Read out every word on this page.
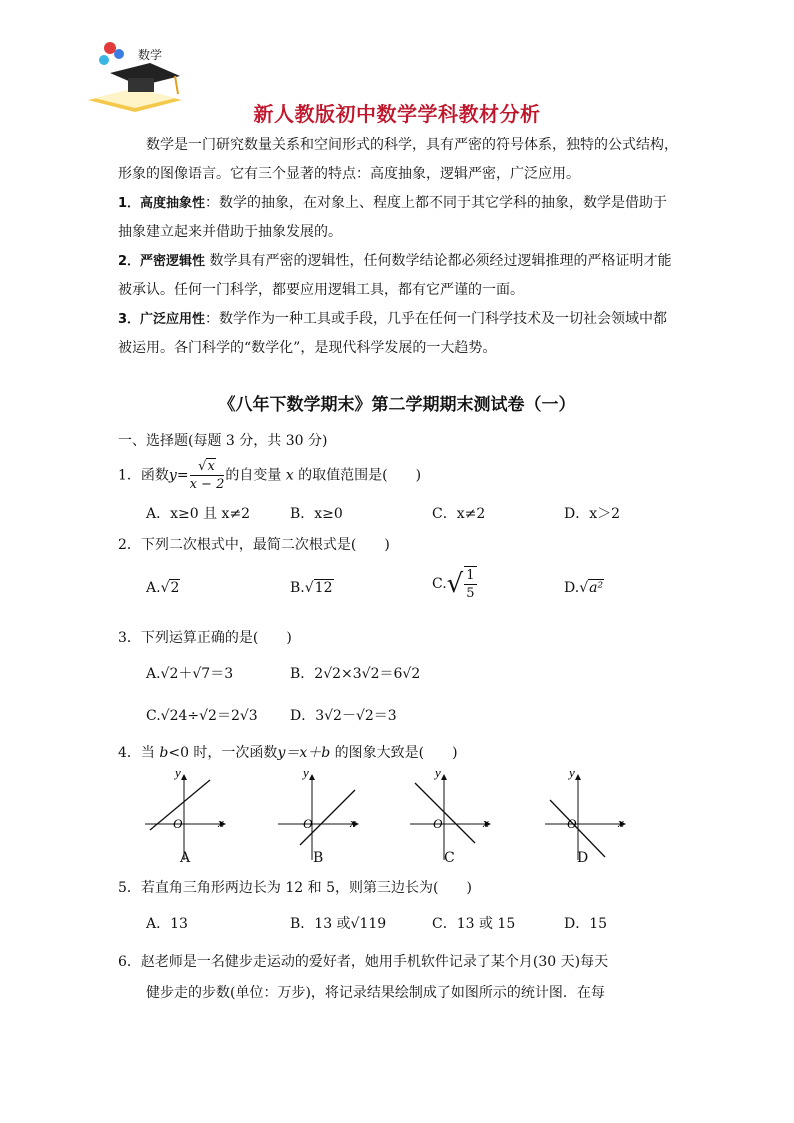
数学
新人教版初中数学学科教材分析
数学是一门研究数量关系和空间形式的科学，具有严密的符号体系，独特的公式结构，形象的图像语言。它有三个显著的特点：高度抽象，逻辑严密，广泛应用。
1．高度抽象性：数学的抽象，在对象上、程度上都不同于其它学科的抽象，数学是借助于抽象建立起来并借助于抽象发展的。
2．严密逻辑性 数学具有严密的逻辑性，任何数学结论都必须经过逻辑推理的严格证明才能被承认。任何一门科学，都要应用逻辑工具，都有它严谨的一面。
3．广泛应用性：数学作为一种工具或手段，几乎在任何一门科学技术及一切社会领域中都被运用。各门科学的“数学化”，是现代科学发展的一大趋势。
《八年下数学期末》第二学期期末测试卷（一）
一、选择题(每题 3 分，共 30 分)
1．函数$y= \frac{√x}{x - 2}$ 的自变量 x 的取值范围是(　　)
A．x≥0 且 x≠2	B．x≥0	C．x≠2	D．x＞2
2．下列二次根式中，最简二次根式是(　　)
A.√2	B.√12	$C.√ \frac{1}{5}$	D.√a²
3．下列运算正确的是(　　)
A.√2＋√7＝3	B．2√2×3√2＝6√2
C.√24÷√2＝2√3 D．3√2－√2＝3
4．当 b<0 时，一次函数y＝x＋b 的图象大致是(　　)
y
x
O
y
x
O
y
x
O
y
x
O
A	B	C	D
5．若直角三角形两边长为 12 和 5，则第三边长为(　　)
A．13	B．13 或√119	C．13 或 15	D．15
6．赵老师是一名健步走运动的爱好者，她用手机软件记录了某个月(30 天)每天
健步走的步数(单位：万步)，将记录结果绘制成了如图所示的统计图．在每
